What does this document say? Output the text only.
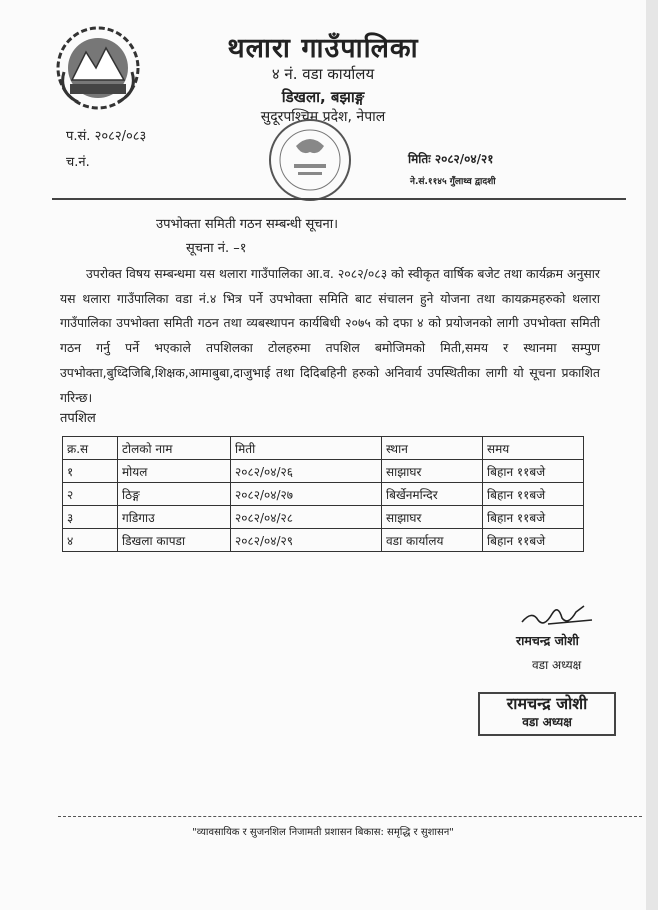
थलारा गाउँपालिका
४ नं. वडा कार्यालय
डिखला, बझाङ्ग
सुदूरपश्चिम प्रदेश, नेपाल
प.सं. २०८२/०८३
च.नं.	मितिः २०८२/०४/२१
ने.सं.११४५ गुँलाथ्व द्वादशी
उपभोक्ता समिती गठन सम्बन्धी सूचना।
सूचना नं. –१
उपरोक्त विषय सम्बन्धमा यस थलारा गाउँपालिका आ.व. २०८२/०८३ को स्वीकृत वार्षिक बजेट तथा कार्यक्रम अनुसार यस थलारा गाउँपालिका वडा नं.४ भित्र पर्ने उपभोक्ता समिति बाट संचालन हुने योजना तथा कायक्रमहरुको थलारा गाउँपालिका उपभोक्ता समिती गठन तथा व्यबस्थापन कार्यबिधी २०७५ को दफा ४ को प्रयोजनको लागी उपभोक्ता समिती गठन गर्नु पर्ने भएकाले तपशिलका टोलहरुमा तपशिल बमोजिमको मिती,समय र स्थानमा सम्पुण उपभोक्ता,बुध्दिजिबि,शिक्षक,आमाबुबा,दाजुभाई तथा दिदिबहिनी हरुको अनिवार्य उपस्थितीका लागी यो सूचना प्रकाशित गरिन्छ।
तपशिल
क्र.स	टोलको नाम	मिती	स्थान	समय
१	मोयल	२०८२/०४/२६	साझाघर	बिहान ११बजे
२	ठिङ्ग	२०८२/०४/२७	बिर्खेनमन्दिर	बिहान ११बजे
३	गडिगाउ	२०८२/०४/२८	साझाघर	बिहान ११बजे
४	डिखला कापडा	२०८२/०४/२९	वडा कार्यालय	बिहान ११बजे
रामचन्द्र जोशी
वडा अध्यक्ष
रामचन्द्र जोशी
वडा अध्यक्ष
"व्यावसायिक र सुजनशिल निजामती प्रशासन बिकास: समृद्धि र सुशासन"
